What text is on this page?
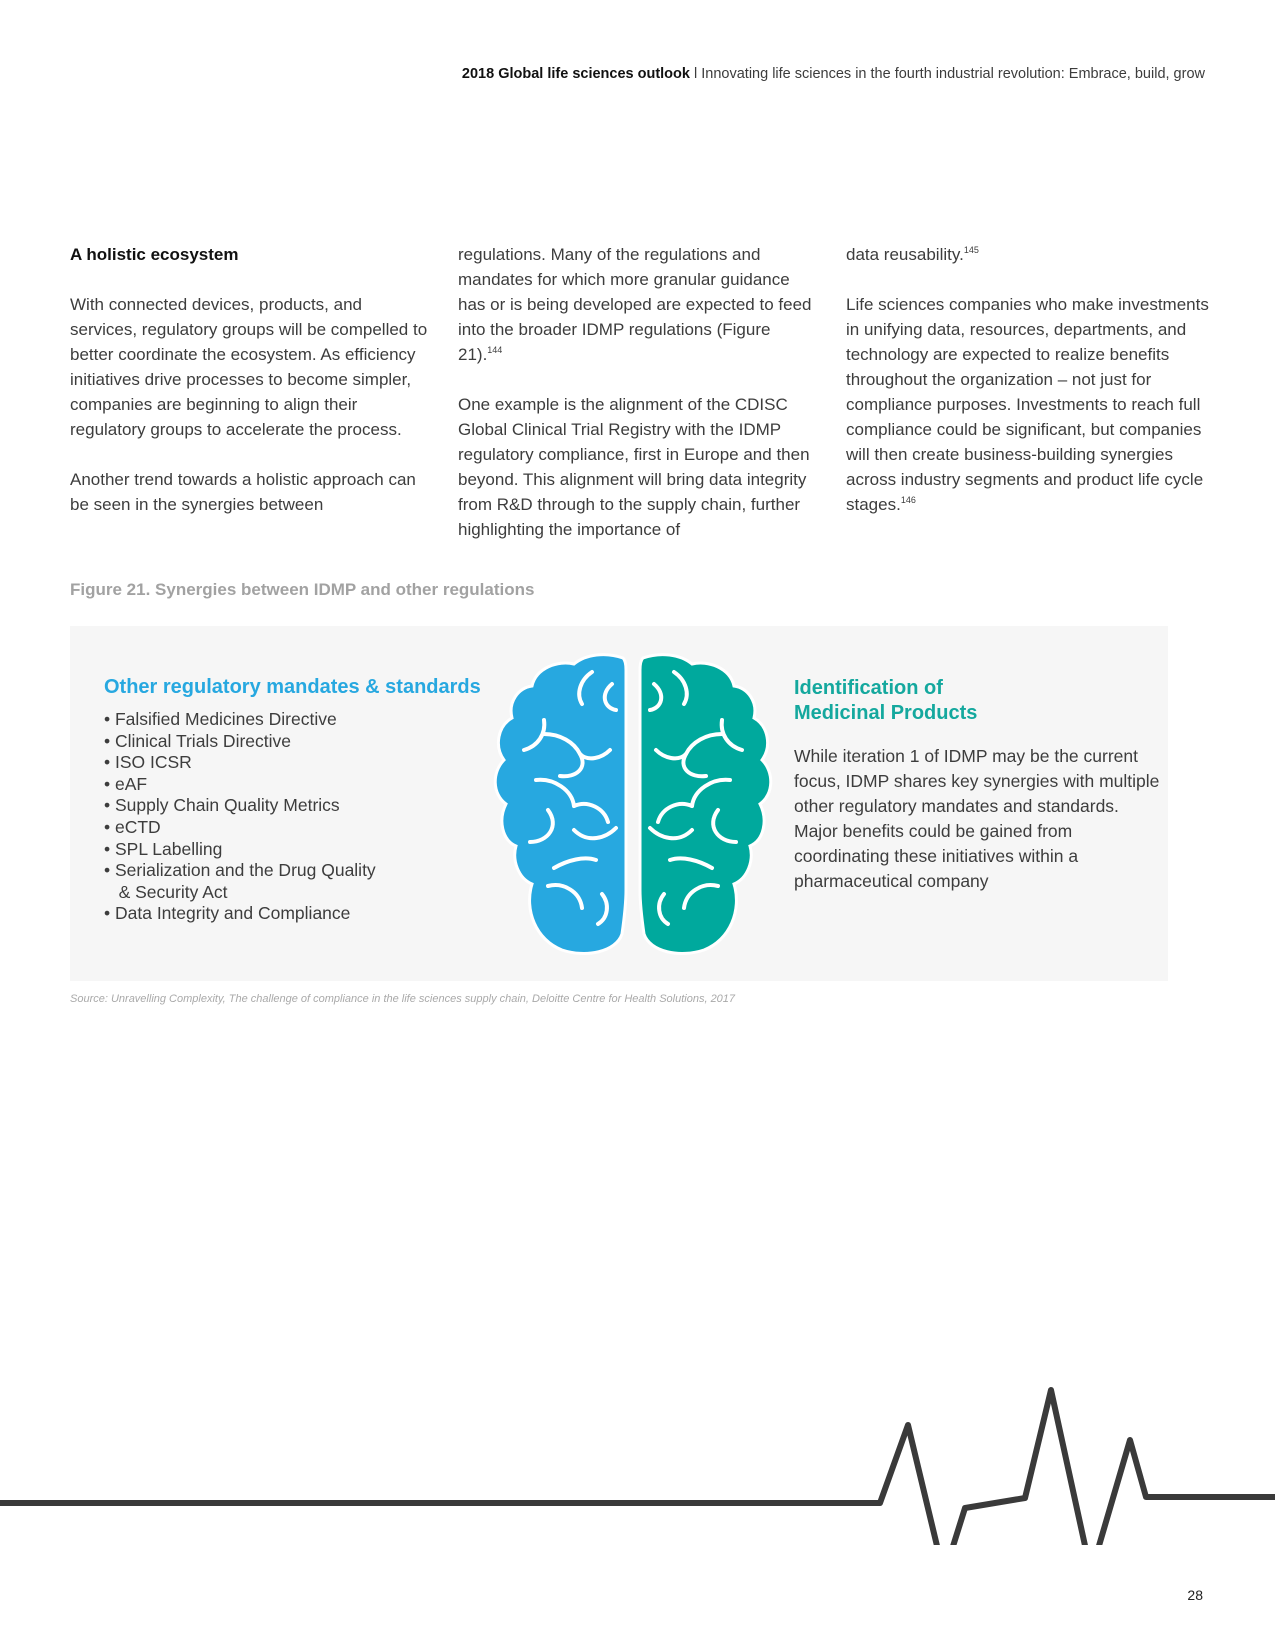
2018 Global life sciences outlook l Innovating life sciences in the fourth industrial revolution: Embrace, build, grow
A holistic ecosystem

With connected devices, products, and services, regulatory groups will be compelled to better coordinate the ecosystem. As efficiency initiatives drive processes to become simpler, companies are beginning to align their regulatory groups to accelerate the process.

Another trend towards a holistic approach can be seen in the synergies between

regulations. Many of the regulations and mandates for which more granular guidance has or is being developed are expected to feed into the broader IDMP regulations (Figure 21).$^{144}$

One example is the alignment of the CDISC Global Clinical Trial Registry with the IDMP regulatory compliance, first in Europe and then beyond. This alignment will bring data integrity from R&D through to the supply chain, further highlighting the importance of

data reusability.$^{145}$

Life sciences companies who make investments in unifying data, resources, departments, and technology are expected to realize benefits throughout the organization – not just for compliance purposes. Investments to reach full compliance could be significant, but companies will then create business-building synergies across industry segments and product life cycle stages.$^{146}$

Figure 21. Synergies between IDMP and other regulations
Other regulatory mandates & standards
• Falsified Medicines Directive
• Clinical Trials Directive
• ISO ICSR
• eAF
• Supply Chain Quality Metrics
• eCTD
• SPL Labelling
• Serialization and the Drug Quality
& Security Act
• Data Integrity and Compliance
Identification of
Medicinal Products
While iteration 1 of IDMP may be the current focus, IDMP shares key synergies with multiple other regulatory mandates and standards. Major benefits could be gained from coordinating these initiatives within a pharmaceutical company
Source: Unravelling Complexity, The challenge of compliance in the life sciences supply chain, Deloitte Centre for Health Solutions, 2017
28
